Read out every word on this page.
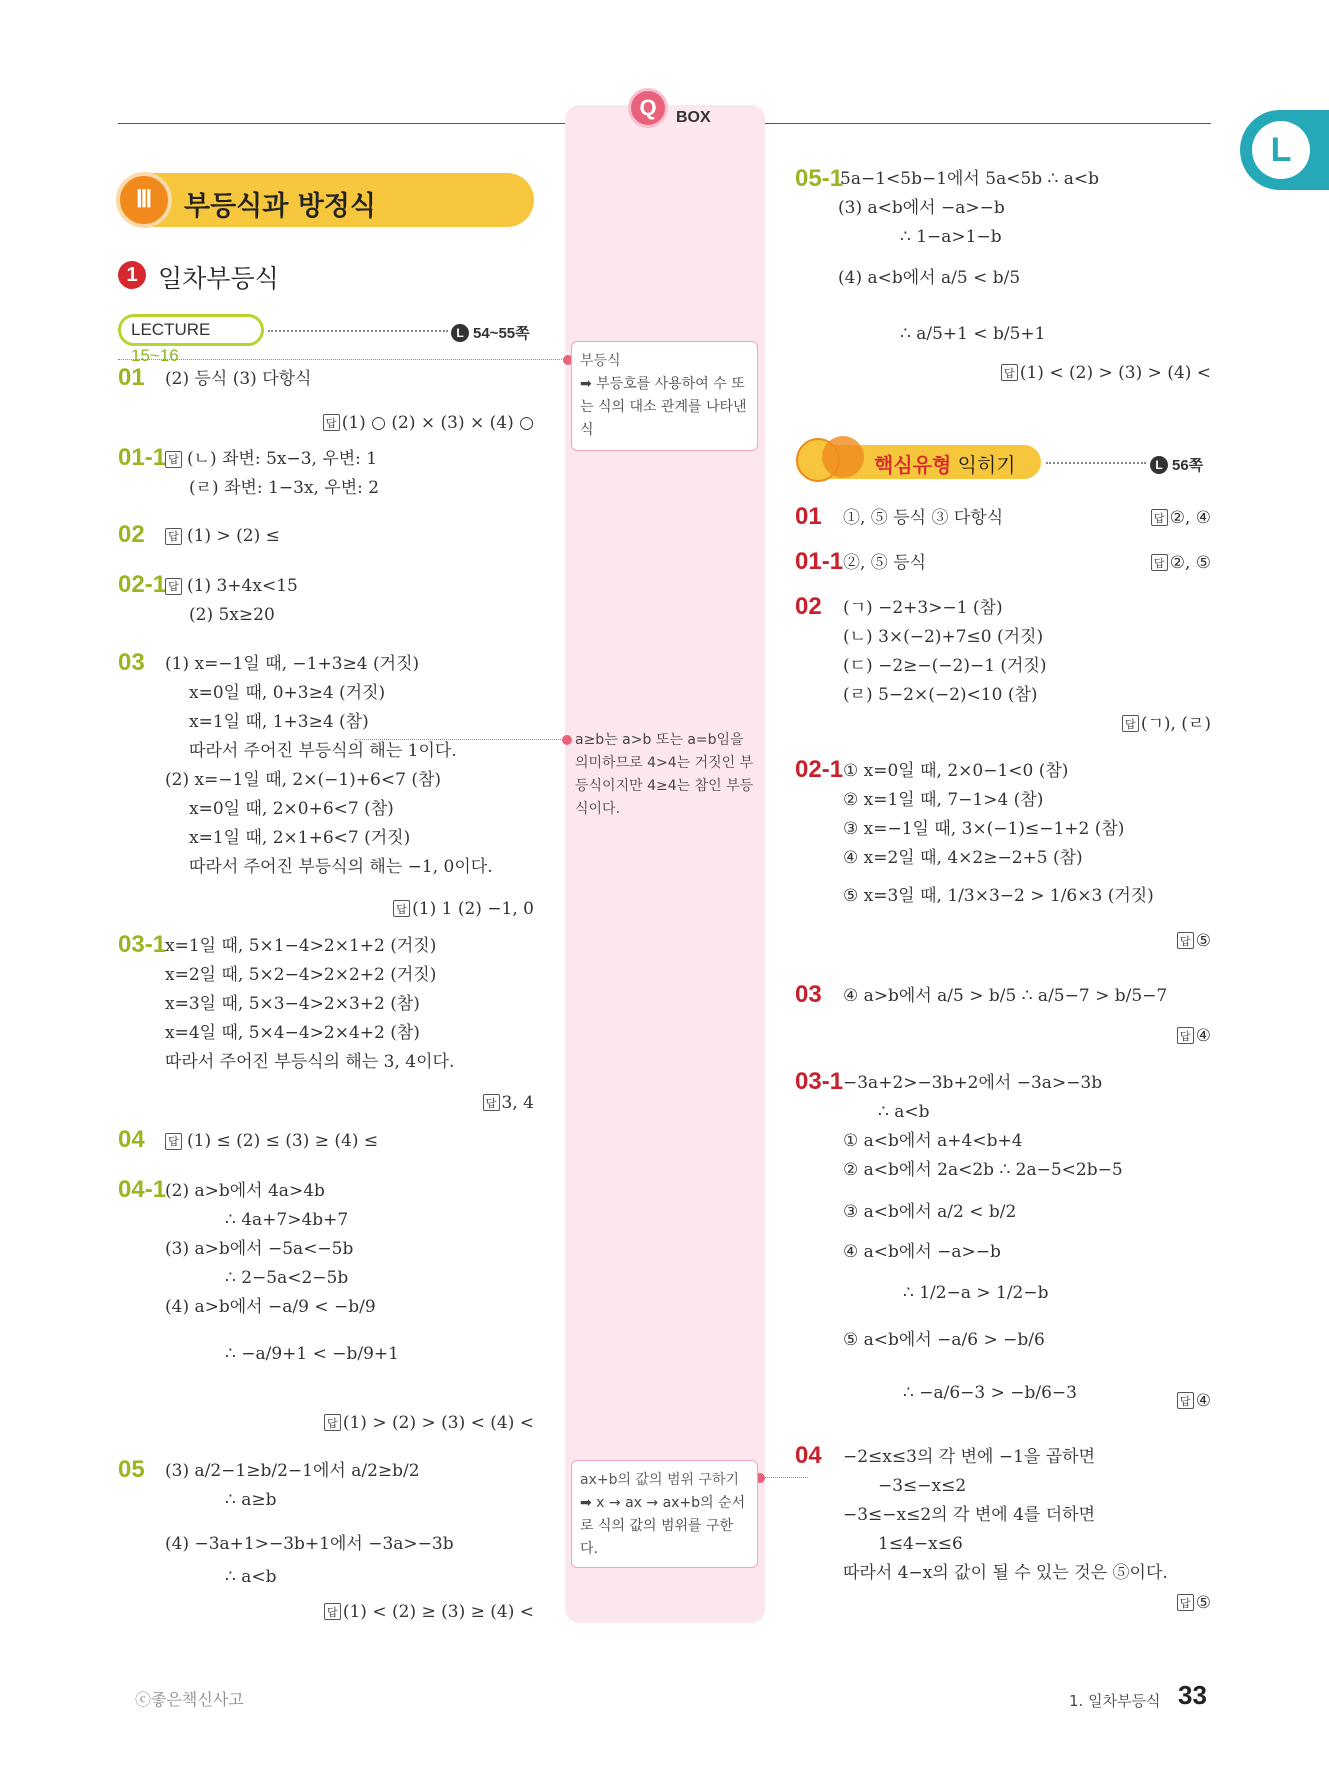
Q	BOX
L
Ⅲ	부등식과 방정식
1 일차부등식
LECTURE 15~16
L 54~55쪽
01 (2) 등식 (3) 다항식
답 (1) ○ (2) × (3) × (4) ○
01-1 답 (ㄴ) 좌변: 5x−3, 우변: 1
(ㄹ) 좌변: 1−3x, 우변: 2
02 답 (1) > (2) ≤
02-1 답 (1) 3+4x<15
(2) 5x≥20
03 (1) x=−1일 때, −1+3≥4 (거짓)
x=0일 때, 0+3≥4 (거짓)
x=1일 때, 1+3≥4 (참)
따라서 주어진 부등식의 해는 1이다.
(2) x=−1일 때, 2×(−1)+6<7 (참)
x=0일 때, 2×0+6<7 (참)
x=1일 때, 2×1+6<7 (거짓)
따라서 주어진 부등식의 해는 −1, 0이다.
답 (1) 1 (2) −1, 0
03-1
x=1일 때, 5×1−4>2×1+2 (거짓)
x=2일 때, 5×2−4>2×2+2 (거짓)
x=3일 때, 5×3−4>2×3+2 (참)
x=4일 때, 5×4−4>2×4+2 (참)
따라서 주어진 부등식의 해는 3, 4이다.
답 3, 4
04 답 (1) ≤ (2) ≤ (3) ≥ (4) ≤
04-1
(2) a>b에서 4a>4b
∴ 4a+7>4b+7
(3) a>b에서 −5a<−5b
∴ 2−5a<2−5b
(4) a>b에서 −a/9 < −b/9
∴ −a/9+1 < −b/9+1
답 (1) > (2) > (3) < (4) <
05 (3) a/2−1≥b/2−1에서 a/2≥b/2
∴ a≥b
(4) −3a+1>−3b+1에서 −3a>−3b
∴ a<b
답 (1) < (2) ≥ (3) ≥ (4) <
부등식
➡ 부등호를 사용하여 수 또는 식의 대소 관계를 나타낸 식
a≥b는 a>b 또는 a=b임을 의미하므로 4>4는 거짓인 부등식이지만 4≥4는 참인 부등식이다.
ax+b의 값의 범위 구하기
➡ x → ax → ax+b의 순서로 식의 값의 범위를 구한다.
05-1
5a−1<5b−1에서 5a<5b ∴ a<b
(3) a<b에서 −a>−b
∴ 1−a>1−b
(4) a<b에서 a/5 < b/5
∴ a/5+1 < b/5+1
답 (1) < (2) > (3) > (4) <
핵심유형 익히기	L 56쪽
01 ①, ⑤ 등식 ③ 다항식	답 ②, ④
01-1 ②, ⑤ 등식	답 ②, ⑤
02 (ㄱ) −2+3>−1 (참)
(ㄴ) 3×(−2)+7≤0 (거짓)
(ㄷ) −2≥−(−2)−1 (거짓)
(ㄹ) 5−2×(−2)<10 (참)
답 (ㄱ), (ㄹ)
02-1 ① x=0일 때, 2×0−1<0 (참)
② x=1일 때, 7−1>4 (참)
③ x=−1일 때, 3×(−1)≤−1+2 (참)
④ x=2일 때, 4×2≥−2+5 (참)
⑤ x=3일 때, 1/3×3−2 > 1/6×3 (거짓)
답 ⑤
03 ④ a>b에서 a/5 > b/5 ∴ a/5−7 > b/5−7
답 ④
03-1 −3a+2>−3b+2에서 −3a>−3b
∴ a<b
① a<b에서 a+4<b+4
② a<b에서 2a<2b ∴ 2a−5<2b−5
③ a<b에서 a/2 < b/2
④ a<b에서 −a>−b
∴ 1/2−a > 1/2−b
⑤ a<b에서 −a/6 > −b/6
∴ −a/6−3 > −b/6−3	답 ④
04 −2≤x≤3의 각 변에 −1을 곱하면
−3≤−x≤2
−3≤−x≤2의 각 변에 4를 더하면
1≤4−x≤6
따라서 4−x의 값이 될 수 있는 것은 ⑤이다.
답 ⑤
ⓒ좋은책신사고	1. 일차부등식 33
